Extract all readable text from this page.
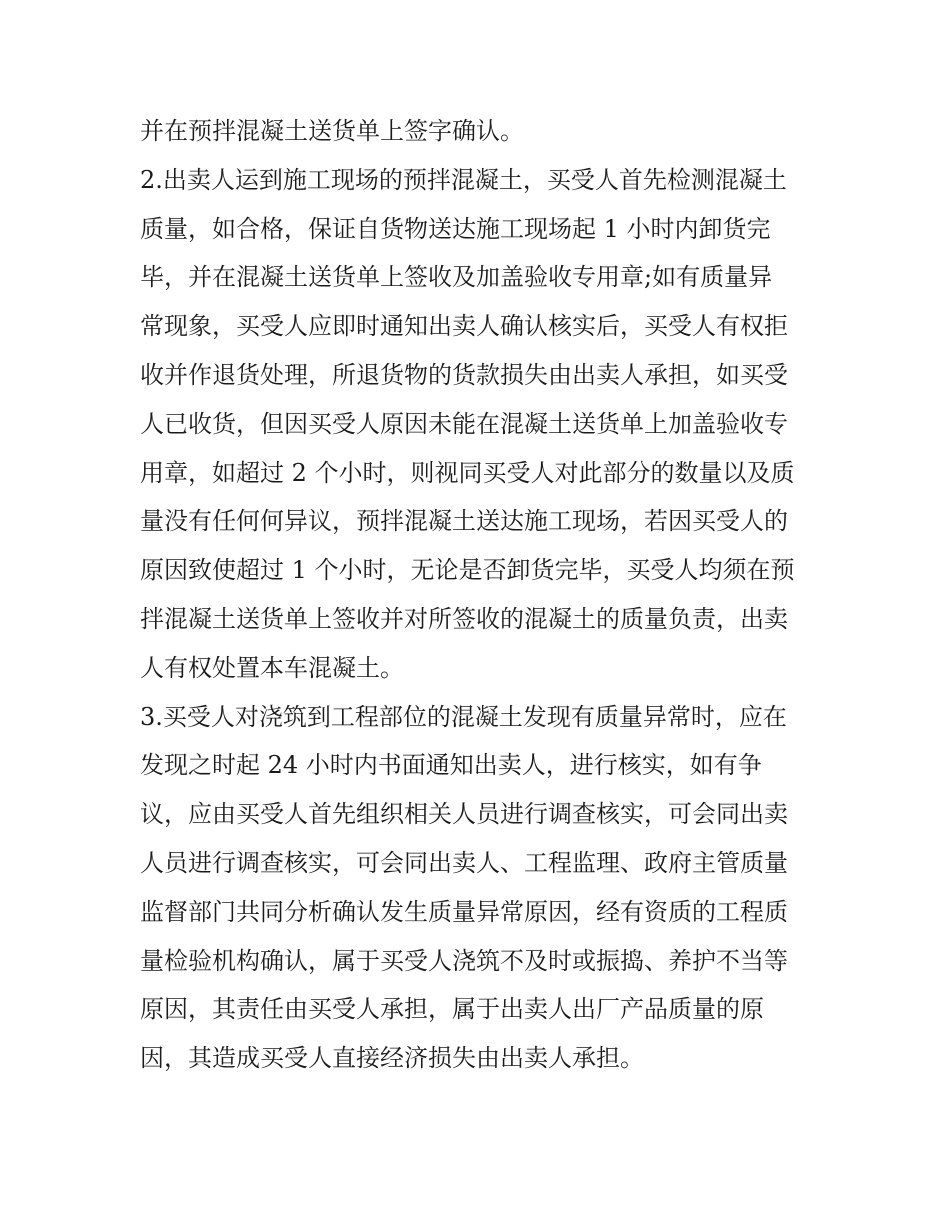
并在预拌混凝土送货单上签字确认。
2.出卖人运到施工现场的预拌混凝土，买受人首先检测混凝土
质量，如合格，保证自货物送达施工现场起 1 小时内卸货完
毕，并在混凝土送货单上签收及加盖验收专用章;如有质量异
常现象，买受人应即时通知出卖人确认核实后，买受人有权拒
收并作退货处理，所退货物的货款损失由出卖人承担，如买受
人已收货，但因买受人原因未能在混凝土送货单上加盖验收专
用章，如超过 2 个小时，则视同买受人对此部分的数量以及质
量没有任何何异议，预拌混凝土送达施工现场，若因买受人的
原因致使超过 1 个小时，无论是否卸货完毕，买受人均须在预
拌混凝土送货单上签收并对所签收的混凝土的质量负责，出卖
人有权处置本车混凝土。
3.买受人对浇筑到工程部位的混凝土发现有质量异常时，应在
发现之时起 24 小时内书面通知出卖人，进行核实，如有争
议，应由买受人首先组织相关人员进行调查核实，可会同出卖
人员进行调查核实，可会同出卖人、工程监理、政府主管质量
监督部门共同分析确认发生质量异常原因，经有资质的工程质
量检验机构确认，属于买受人浇筑不及时或振捣、养护不当等
原因，其责任由买受人承担，属于出卖人出厂产品质量的原
因，其造成买受人直接经济损失由出卖人承担。
